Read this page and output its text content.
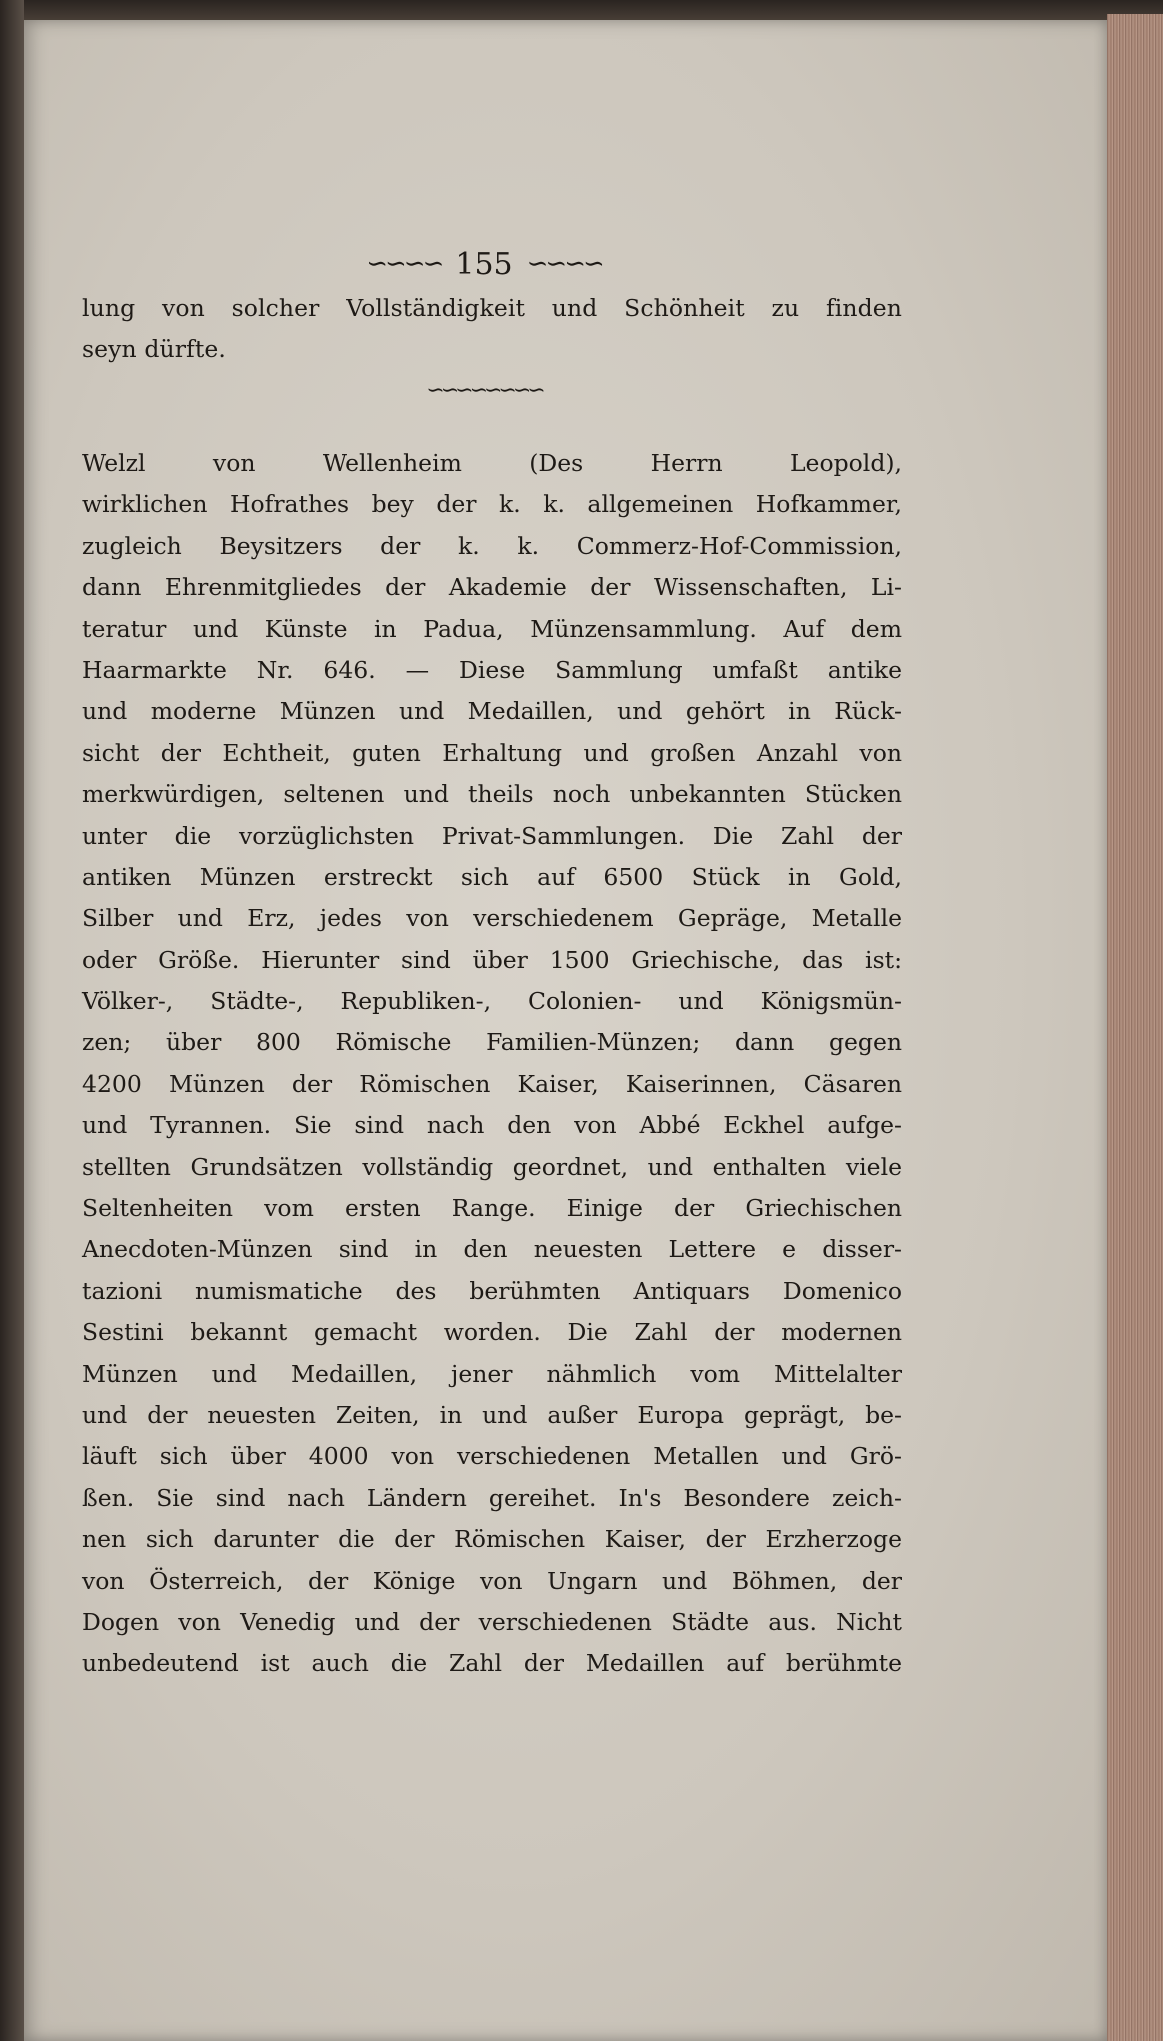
∽∽∽∽ 155 ∽∽∽∽
lung von solcher Vollständigkeit und Schönheit zu finden
seyn dürfte.
∽∽∽∽∽∽∽∽
Welzl von Wellenheim (Des Herrn Leopold),
wirklichen Hofrathes bey der k. k. allgemeinen Hofkammer,
zugleich Beysitzers der k. k. Commerz-Hof-Commission,
dann Ehrenmitgliedes der Akademie der Wissenschaften, Li-
teratur und Künste in Padua, Münzensammlung. Auf dem
Haarmarkte Nr. 646. — Diese Sammlung umfaßt antike
und moderne Münzen und Medaillen, und gehört in Rück-
sicht der Echtheit, guten Erhaltung und großen Anzahl von
merkwürdigen, seltenen und theils noch unbekannten Stücken
unter die vorzüglichsten Privat-Sammlungen. Die Zahl der
antiken Münzen erstreckt sich auf 6500 Stück in Gold,
Silber und Erz, jedes von verschiedenem Gepräge, Metalle
oder Größe. Hierunter sind über 1500 Griechische, das ist:
Völker-, Städte-, Republiken-, Colonien- und Königsmün-
zen; über 800 Römische Familien-Münzen; dann gegen
4200 Münzen der Römischen Kaiser, Kaiserinnen, Cäsaren
und Tyrannen. Sie sind nach den von Abbé Eckhel aufge-
stellten Grundsätzen vollständig geordnet, und enthalten viele
Seltenheiten vom ersten Range. Einige der Griechischen
Anecdoten-Münzen sind in den neuesten Lettere e disser-
tazioni numismatiche des berühmten Antiquars Domenico
Sestini bekannt gemacht worden. Die Zahl der modernen
Münzen und Medaillen, jener nähmlich vom Mittelalter
und der neuesten Zeiten, in und außer Europa geprägt, be-
läuft sich über 4000 von verschiedenen Metallen und Grö-
ßen. Sie sind nach Ländern gereihet. In's Besondere zeich-
nen sich darunter die der Römischen Kaiser, der Erzherzoge
von Österreich, der Könige von Ungarn und Böhmen, der
Dogen von Venedig und der verschiedenen Städte aus. Nicht
unbedeutend ist auch die Zahl der Medaillen auf berühmte
